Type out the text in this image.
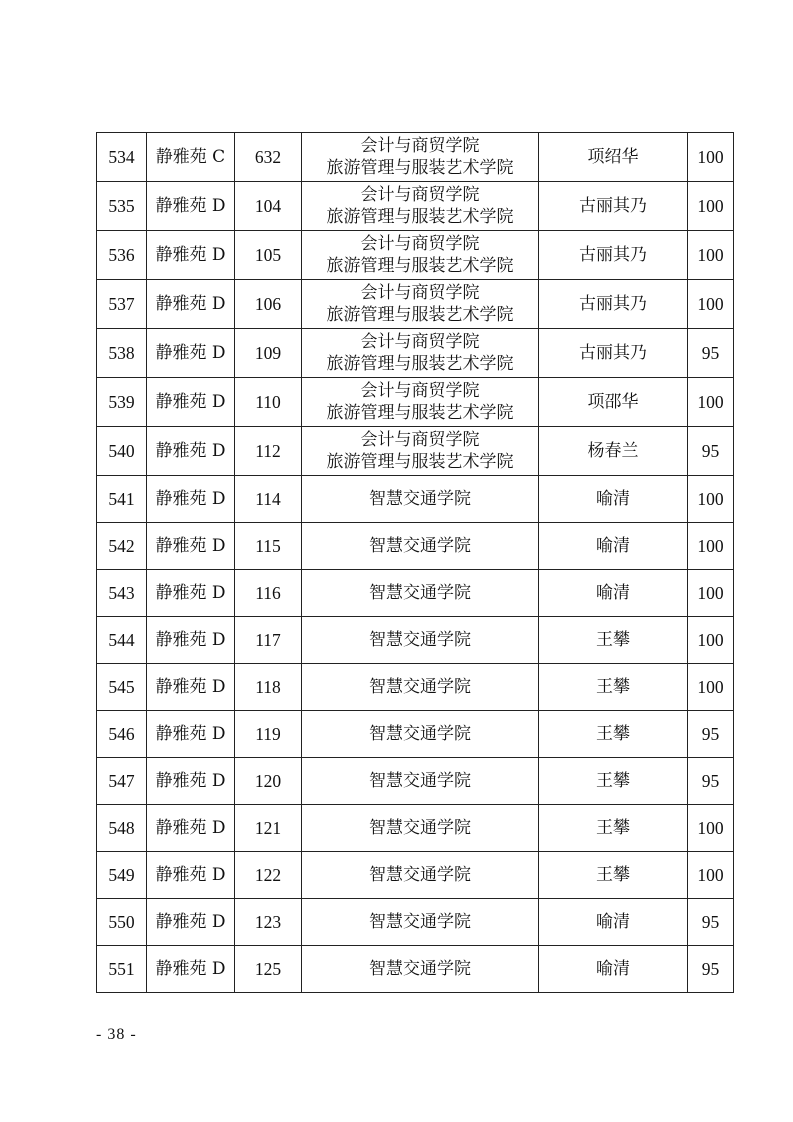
534	静雅苑 C	632	会计与商贸学院
旅游管理与服装艺术学院	项绍华	100
535	静雅苑 D	104	会计与商贸学院
旅游管理与服装艺术学院	古丽其乃	100
536	静雅苑 D	105	会计与商贸学院
旅游管理与服装艺术学院	古丽其乃	100
537	静雅苑 D	106	会计与商贸学院
旅游管理与服装艺术学院	古丽其乃	100
538	静雅苑 D	109	会计与商贸学院
旅游管理与服装艺术学院	古丽其乃	95
539	静雅苑 D	110	会计与商贸学院
旅游管理与服装艺术学院	项邵华	100
540	静雅苑 D	112	会计与商贸学院
旅游管理与服装艺术学院	杨春兰	95
541	静雅苑 D	114	智慧交通学院	喻清	100
542	静雅苑 D	115	智慧交通学院	喻清	100
543	静雅苑 D	116	智慧交通学院	喻清	100
544	静雅苑 D	117	智慧交通学院	王攀	100
545	静雅苑 D	118	智慧交通学院	王攀	100
546	静雅苑 D	119	智慧交通学院	王攀	95
547	静雅苑 D	120	智慧交通学院	王攀	95
548	静雅苑 D	121	智慧交通学院	王攀	100
549	静雅苑 D	122	智慧交通学院	王攀	100
550	静雅苑 D	123	智慧交通学院	喻清	95
551	静雅苑 D	125	智慧交通学院	喻清	95
- 38 -
